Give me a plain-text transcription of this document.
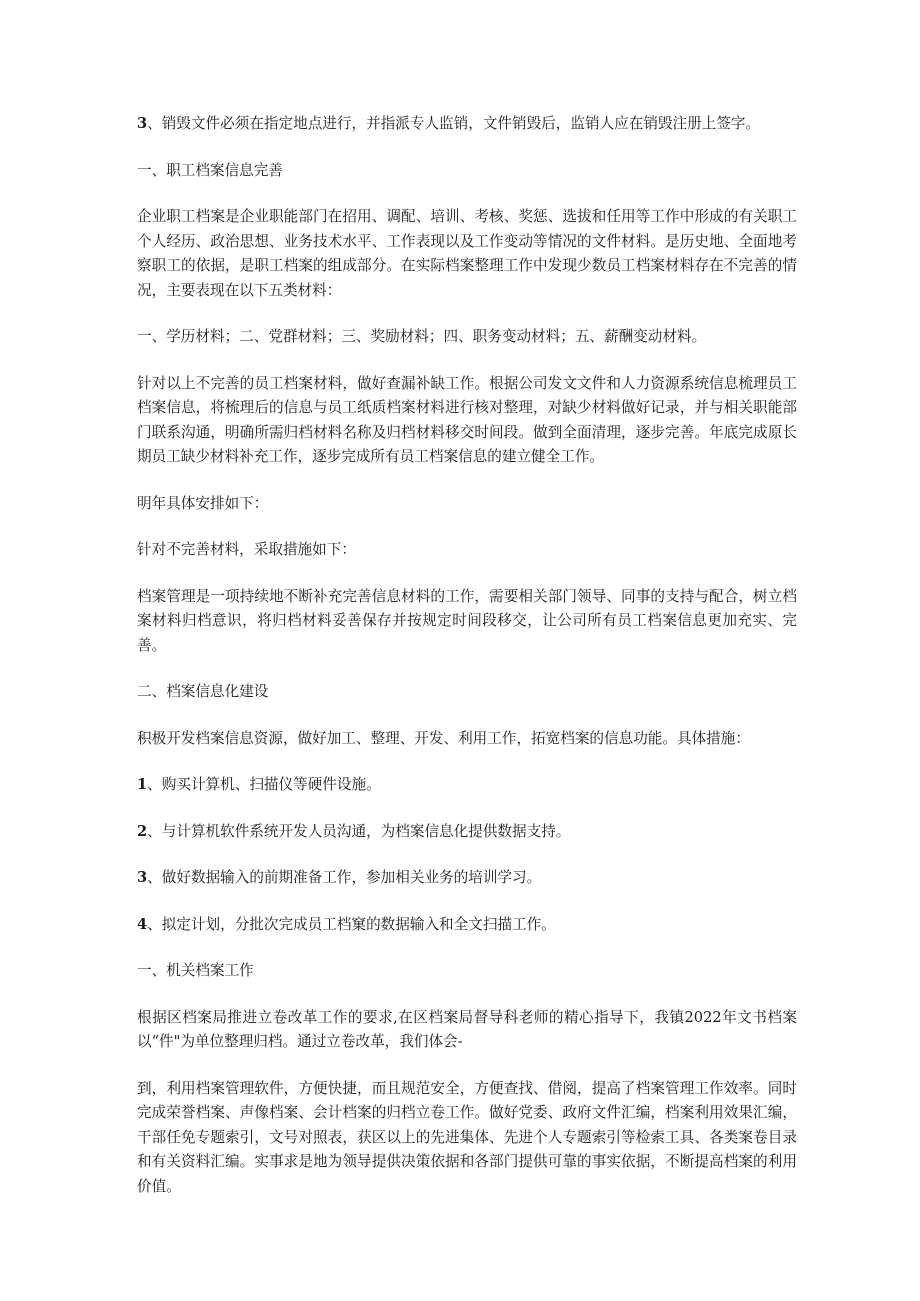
3、销毁文件必须在指定地点进行，并指派专人监销，文件销毁后，监销人应在销毁注册上签字。

一、职工档案信息完善

企业职工档案是企业职能部门在招用、调配、培训、考核、奖惩、选拔和任用等工作中形成的有关职工个人经历、政治思想、业务技术水平、工作表现以及工作变动等情况的文件材料。是历史地、全面地考察职工的依据，是职工档案的组成部分。在实际档案整理工作中发现少数员工档案材料存在不完善的情况，主要表现在以下五类材料：

一、学历材料；二、党群材料；三、奖励材料；四、职务变动材料；五、薪酬变动材料。

针对以上不完善的员工档案材料，做好查漏补缺工作。根据公司发文文件和人力资源系统信息梳理员工档案信息，将梳理后的信息与员工纸质档案材料进行核对整理，对缺少材料做好记录，并与相关职能部门联系沟通，明确所需归档材料名称及归档材料移交时间段。做到全面清理，逐步完善。年底完成原长期员工缺少材料补充工作，逐步完成所有员工档案信息的建立健全工作。

明年具体安排如下：

针对不完善材料，采取措施如下：

档案管理是一项持续地不断补充完善信息材料的工作，需要相关部门领导、同事的支持与配合，树立档案材料归档意识，将归档材料妥善保存并按规定时间段移交，让公司所有员工档案信息更加充实、完善。

二、档案信息化建设

积极开发档案信息资源，做好加工、整理、开发、利用工作，拓宽档案的信息功能。具体措施：

1、购买计算机、扫描仪等硬件设施。

2、与计算机软件系统开发人员沟通，为档案信息化提供数据支持。

3、做好数据输入的前期准备工作，参加相关业务的培训学习。

4、拟定计划，分批次完成员工档窠的数据输入和全文扫描工作。

一、机关档案工作

根据区档案局推进立卷改革工作的要求,在区档案局督导科老师的精心指导下，我镇2022年文书档案以“件"为单位整理归档。通过立卷改革，我们体会-

到，利用档案管理软件，方便快捷，而且规范安全，方便查找、借阅，提高了档案管理工作效率。同时完成荣誉档案、声像档案、会计档案的归档立卷工作。做好党委、政府文件汇编，档案利用效果汇编，干部任免专题索引，文号对照表，获区以上的先进集体、先进个人专题索引等检索工具、各类案卷目录和有关资料汇编。实事求是地为领导提供决策依据和各部门提供可靠的事实依据，不断提高档案的利用价值。
